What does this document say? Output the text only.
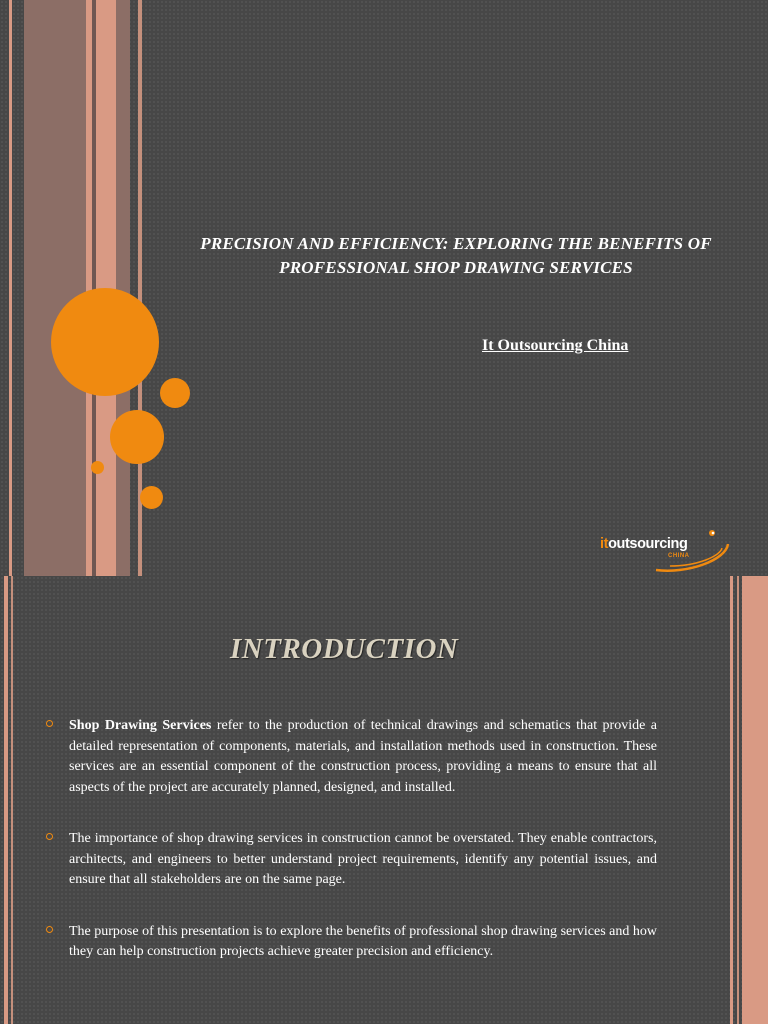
PRECISION AND EFFICIENCY: EXPLORING THE BENEFITS OF PROFESSIONAL SHOP DRAWING SERVICES
It Outsourcing China
itoutsourcing
CHINA
INTRODUCTION
Shop Drawing Services refer to the production of technical drawings and schematics that provide a detailed representation of components, materials, and installation methods used in construction. These services are an essential component of the construction process, providing a means to ensure that all aspects of the project are accurately planned, designed, and installed.
The importance of shop drawing services in construction cannot be overstated. They enable contractors, architects, and engineers to better understand project requirements, identify any potential issues, and ensure that all stakeholders are on the same page.
The purpose of this presentation is to explore the benefits of professional shop drawing services and how they can help construction projects achieve greater precision and efficiency.
